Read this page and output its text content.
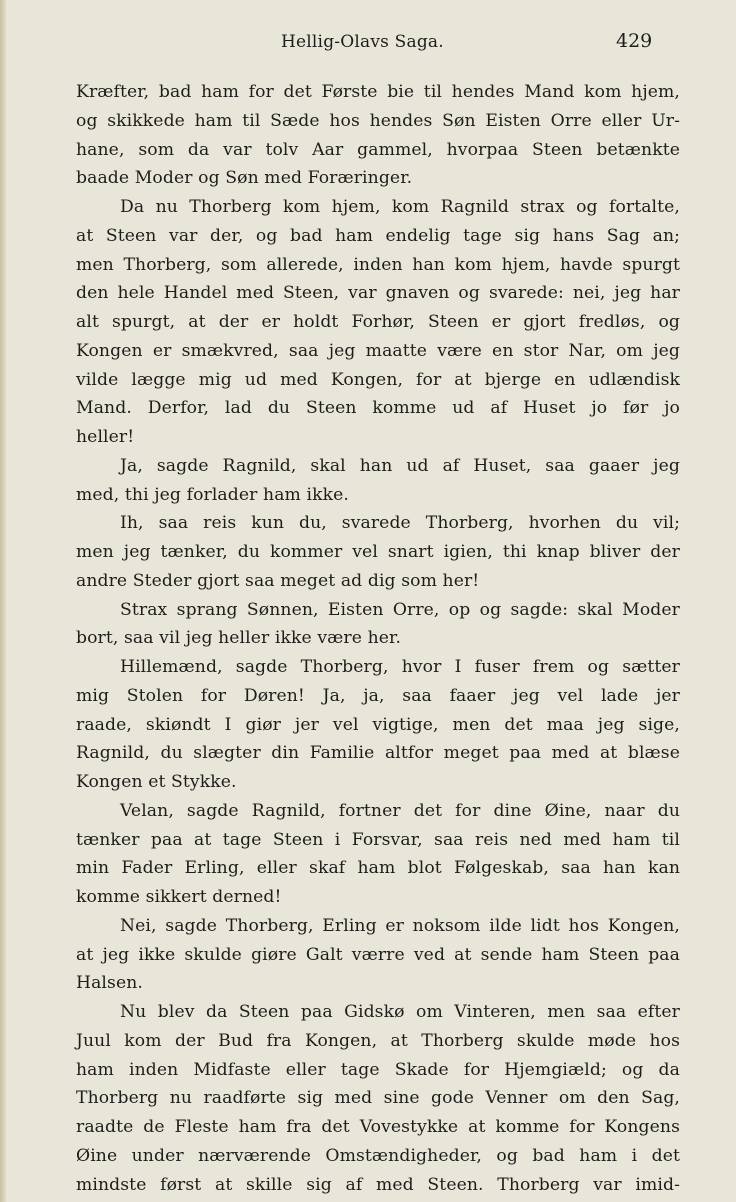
Hellig-Olavs Saga.	429
Kræfter, bad ham for det Første bie til hendes Mand kom hjem,
og skikkede ham til Sæde hos hendes Søn Eisten Orre eller Ur-
hane, som da var tolv Aar gammel, hvorpaa Steen betænkte
baade Moder og Søn med Foræringer.
Da nu Thorberg kom hjem, kom Ragnild strax og fortalte,
at Steen var der, og bad ham endelig tage sig hans Sag an;
men Thorberg, som allerede, inden han kom hjem, havde spurgt
den hele Handel med Steen, var gnaven og svarede: nei, jeg har
alt spurgt, at der er holdt Forhør, Steen er gjort fredløs, og
Kongen er smækvred, saa jeg maatte være en stor Nar, om jeg
vilde lægge mig ud med Kongen, for at bjerge en udlændisk
Mand. Derfor, lad du Steen komme ud af Huset jo før jo
heller!
Ja, sagde Ragnild, skal han ud af Huset, saa gaaer jeg
med, thi jeg forlader ham ikke.
Ih, saa reis kun du, svarede Thorberg, hvorhen du vil;
men jeg tænker, du kommer vel snart igien, thi knap bliver der
andre Steder gjort saa meget ad dig som her!
Strax sprang Sønnen, Eisten Orre, op og sagde: skal Moder
bort, saa vil jeg heller ikke være her.
Hillemænd, sagde Thorberg, hvor I fuser frem og sætter
mig Stolen for Døren! Ja, ja, saa faaer jeg vel lade jer
raade, skiøndt I giør jer vel vigtige, men det maa jeg sige,
Ragnild, du slægter din Familie altfor meget paa med at blæse
Kongen et Stykke.
Velan, sagde Ragnild, fortner det for dine Øine, naar du
tænker paa at tage Steen i Forsvar, saa reis ned med ham til
min Fader Erling, eller skaf ham blot Følgeskab, saa han kan
komme sikkert derned!
Nei, sagde Thorberg, Erling er noksom ilde lidt hos Kongen,
at jeg ikke skulde giøre Galt værre ved at sende ham Steen paa
Halsen.
Nu blev da Steen paa Gidskø om Vinteren, men saa efter
Juul kom der Bud fra Kongen, at Thorberg skulde møde hos
ham inden Midfaste eller tage Skade for Hjemgiæld; og da
Thorberg nu raadførte sig med sine gode Venner om den Sag,
raadte de Fleste ham fra det Vovestykke at komme for Kongens
Øine under nærværende Omstændigheder, og bad ham i det
mindste først at skille sig af med Steen. Thorberg var imid-
